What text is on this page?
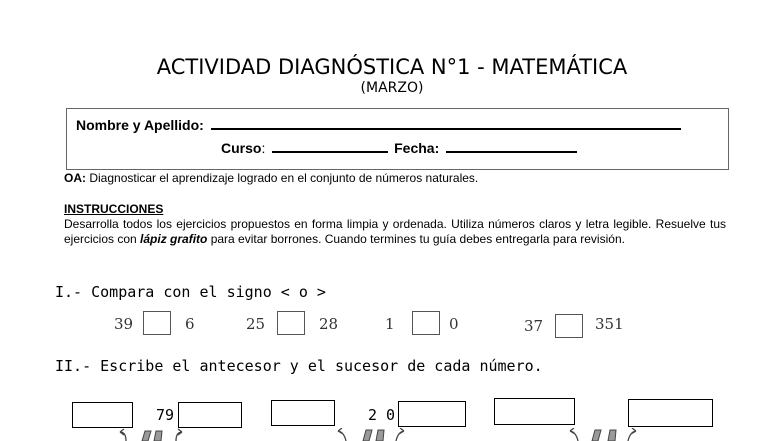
ACTIVIDAD DIAGNÓSTICA N°1 - MATEMÁTICA
(MARZO)
Nombre y Apellido:
Curso:	Fecha:
OA: Diagnosticar el aprendizaje logrado en el conjunto de números naturales.
INSTRUCCIONES
Desarrolla todos los ejercicios propuestos en forma limpia y ordenada. Utiliza números claros y letra legible. Resuelve tus ejercicios con lápiz grafito para evitar borrones. Cuando termines tu guía debes entregarla para revisión.
I.- Compara con el signo < o >
39	6	25	28	1	0	37	351
II.- Escribe el antecesor y el sucesor de cada número.
79	2 0
